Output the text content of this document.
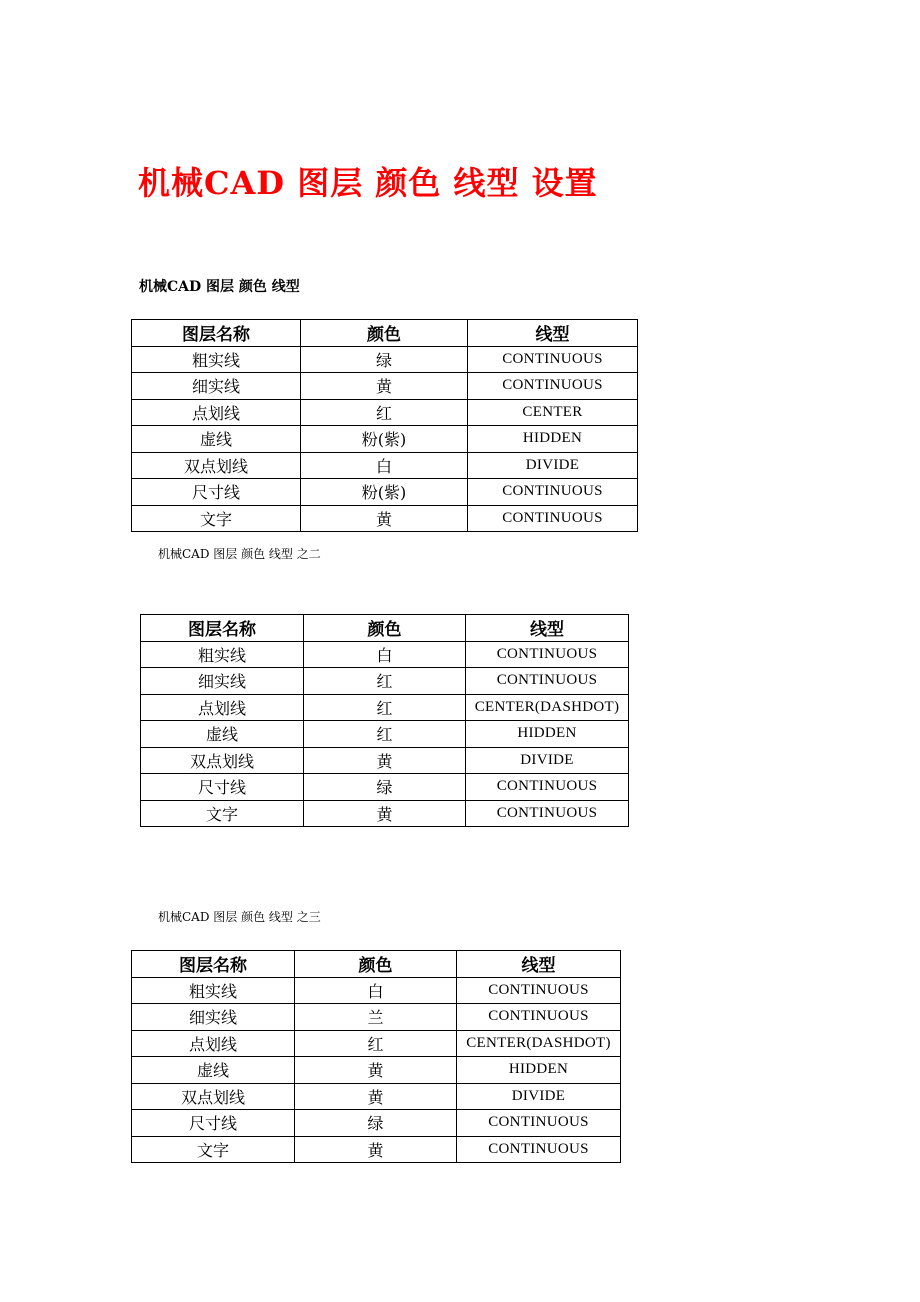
机械CAD 图层 颜色 线型 设置

机械CAD 图层 颜色 线型

图层名称	颜色	线型
粗实线	绿	CONTINUOUS
细实线	黄	CONTINUOUS
点划线	红	CENTER
虚线	粉(紫)	HIDDEN
双点划线	白	DIVIDE
尺寸线	粉(紫)	CONTINUOUS
文字	黄	CONTINUOUS

机械CAD 图层 颜色 线型 之二

图层名称	颜色	线型
粗实线	白	CONTINUOUS
细实线	红	CONTINUOUS
点划线	红	CENTER(DASHDOT)
虚线	红	HIDDEN
双点划线	黄	DIVIDE
尺寸线	绿	CONTINUOUS
文字	黄	CONTINUOUS

机械CAD 图层 颜色 线型 之三

图层名称	颜色	线型
粗实线	白	CONTINUOUS
细实线	兰	CONTINUOUS
点划线	红	CENTER(DASHDOT)
虚线	黄	HIDDEN
双点划线	黄	DIVIDE
尺寸线	绿	CONTINUOUS
文字	黄	CONTINUOUS
